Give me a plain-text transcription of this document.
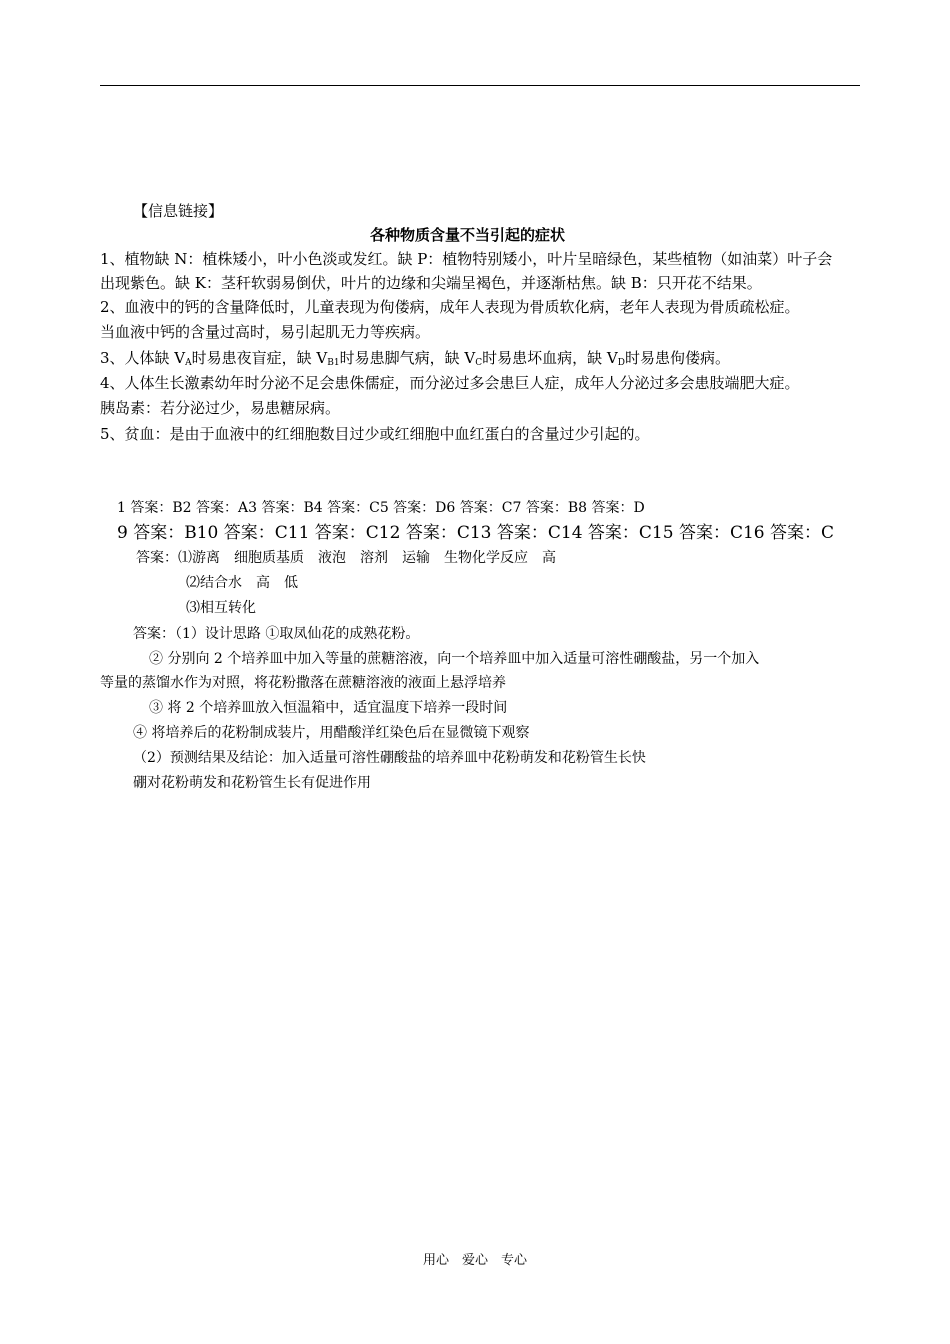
【信息链接】
各种物质含量不当引起的症状
1、植物缺 N：植株矮小，叶小色淡或发红。缺 P：植物特别矮小，叶片呈暗绿色，某些植物（如油菜）叶子会
出现紫色。缺 K：茎秆软弱易倒伏，叶片的边缘和尖端呈褐色，并逐渐枯焦。缺 B：只开花不结果。
2、血液中的钙的含量降低时，儿童表现为佝偻病，成年人表现为骨质软化病，老年人表现为骨质疏松症。
当血液中钙的含量过高时，易引起肌无力等疾病。
3、人体缺 $V_A$时易患夜盲症，缺 $V_{B1}$时易患脚气病，缺 $V_C$时易患坏血病，缺 $V_D$时易患佝偻病。
4、人体生长激素幼年时分泌不足会患侏儒症，而分泌过多会患巨人症，成年人分泌过多会患肢端肥大症。
胰岛素：若分泌过少，易患糖尿病。
5、贫血：是由于血液中的红细胞数目过少或红细胞中血红蛋白的含量过少引起的。
1 答案：B2 答案：A3 答案：B4 答案：C5 答案：D6 答案：C7 答案：B8 答案：D
9 答案：B10 答案：C11 答案：C12 答案：C13 答案：C14 答案：C15 答案：C16 答案：C
答案：⑴游离　细胞质基质　液泡　溶剂　运输　生物化学反应　高
⑵结合水　高　低
⑶相互转化
答案：（1）设计思路 ①取凤仙花的成熟花粉。
② 分别向 2 个培养皿中加入等量的蔗糖溶液，向一个培养皿中加入适量可溶性硼酸盐，另一个加入
等量的蒸馏水作为对照，将花粉撒落在蔗糖溶液的液面上悬浮培养
③ 将 2 个培养皿放入恒温箱中，适宜温度下培养一段时间
④ 将培养后的花粉制成装片，用醋酸洋红染色后在显微镜下观察
（2）预测结果及结论：加入适量可溶性硼酸盐的培养皿中花粉萌发和花粉管生长快
硼对花粉萌发和花粉管生长有促进作用
用心　爱心　专心
